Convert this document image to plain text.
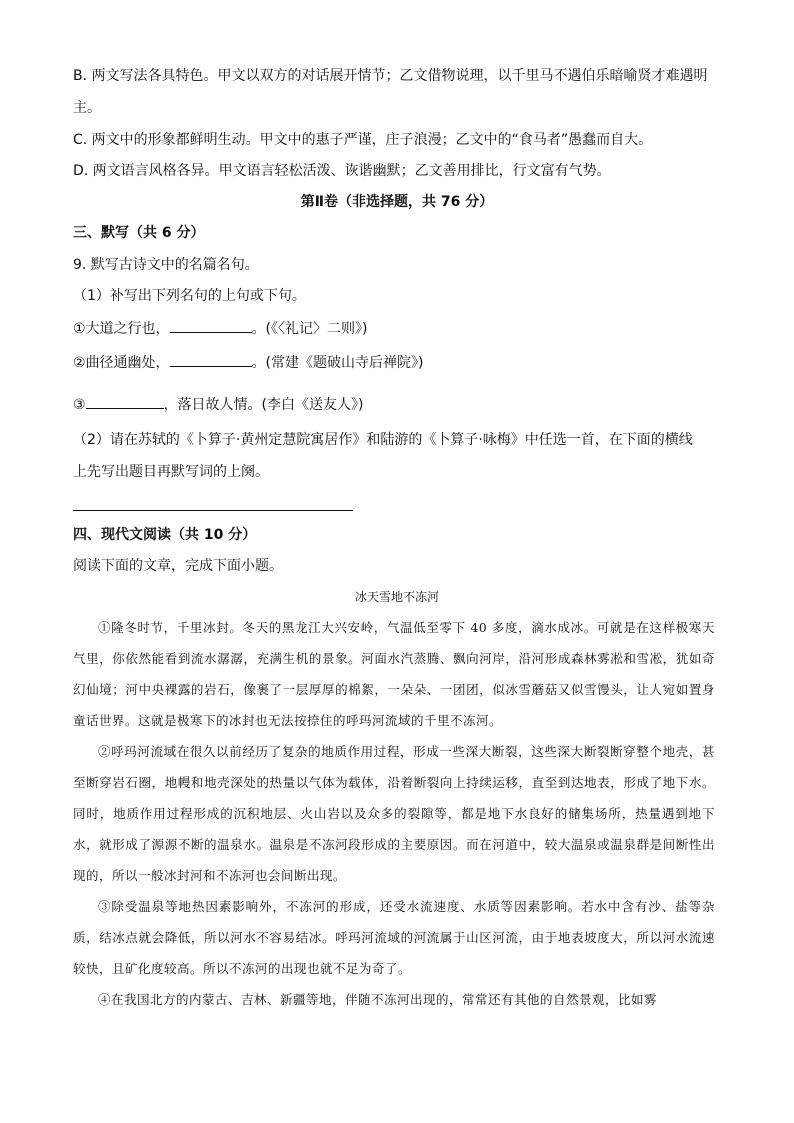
B. 两文写法各具特色。甲文以双方的对话展开情节；乙文借物说理，以千里马不遇伯乐暗喻贤才难遇明
主。
C. 两文中的形象都鲜明生动。甲文中的惠子严谨，庄子浪漫；乙文中的“食马者”愚蠢而自大。
D. 两文语言风格各异。甲文语言轻松活泼、诙谐幽默；乙文善用排比，行文富有气势。
第Ⅱ卷（非选择题，共 76 分）
三、默写（共 6 分）
9. 默写古诗文中的名篇名句。
（1）补写出下列名句的上句或下句。
①大道之行也，	。(《〈礼记〉二则》)
②曲径通幽处，	。(常建《题破山寺后禅院》)
③	，落日故人情。(李白《送友人》)
（2）请在苏轼的《卜算子·黄州定慧院寓居作》和陆游的《卜算子·咏梅》中任选一首，在下面的横线
上先写出题目再默写词的上阕。
四、现代文阅读（共 10 分）
阅读下面的文章，完成下面小题。
冰天雪地不冻河
①隆冬时节，千里冰封。冬天的黑龙江大兴安岭，气温低至零下 40 多度，滴水成冰。可就是在这样极寒天气里，你依然能看到流水潺潺，充满生机的景象。河面水汽蒸腾、飘向河岸，沿河形成森林雾凇和雪凇，犹如奇幻仙境；河中央裸露的岩石，像裹了一层厚厚的棉絮，一朵朵、一团团，似冰雪蘑菇又似雪馒头，让人宛如置身童话世界。这就是极寒下的冰封也无法按捺住的呼玛河流域的千里不冻河。
②呼玛河流域在很久以前经历了复杂的地质作用过程，形成一些深大断裂，这些深大断裂断穿整个地壳，甚至断穿岩石圈，地幔和地壳深处的热量以气体为载体，沿着断裂向上持续运移，直至到达地表，形成了地下水。同时，地质作用过程形成的沉积地层、火山岩以及众多的裂隙等，都是地下水良好的储集场所，热量遇到地下水，就形成了源源不断的温泉水。温泉是不冻河段形成的主要原因。而在河道中，较大温泉或温泉群是间断性出现的，所以一般冰封河和不冻河也会间断出现。
③除受温泉等地热因素影响外，不冻河的形成，还受水流速度、水质等因素影响。若水中含有沙、盐等杂质，结冰点就会降低，所以河水不容易结冰。呼玛河流域的河流属于山区河流，由于地表坡度大，所以河水流速较快，且矿化度较高。所以不冻河的出现也就不足为奇了。
④在我国北方的内蒙古、吉林、新疆等地，伴随不冻河出现的，常常还有其他的自然景观，比如雾
